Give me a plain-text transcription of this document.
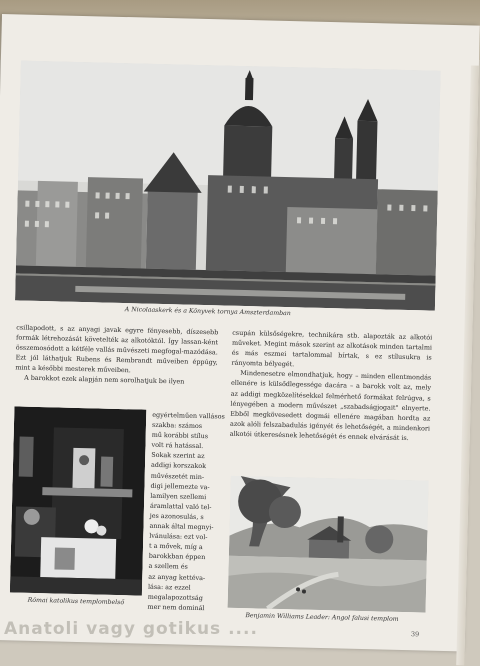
A Nicolaaskerk és a Könyvek tornya Amszterdamban

csillapodott, s az anyagi javak egyre fényesebb, díszesebb formák létrehozását követelték az alkotóktól. Így lassan-ként összemosódott a kétféle vallás művészeti megfogal-mazódása. Ezt jól láthatjuk Rubens és Rembrandt műveiben éppúgy, mint a későbbi mesterek műveiben.

A barokkot ezek alapján nem sorolhatjuk be ilyen

Római katolikus templombelső
egyértelműen vallásos
szakba: számos
mű korábbi stílus
volt rá hatással.
Sokak szerint az
addigi korszakok
művészetét min-
digi jellemezte va-
lamilyen szellemi
áramlattal való tel-
jes azonosulás, s
annak által megnyi-
lvánulása: ezt vol-
t a mővek, míg a
barokkban éppen
a szellem és
az anyag kettéva-
lása: az ezzel
megalapozottság
mer nem dominál

csupán külsőségekre, technikára stb. alapozták az alkotói műveket. Megint mások szerint az alkotások minden tartalmi és más eszmei tartalommal bírtak, s ez stílusukra is rányomta bélyegét.

Mindenesetre elmondhatjuk, hogy – minden ellentmondás ellenére is külsődlegessége dacára – a barokk volt az, mely az addigi megközelítésekkel felmérhető formákat felrúgva, s lényegében a modern művészet „szabadságjogait" elnyerte. Ebből megkövesedett dogmái ellenére magában hordta az azok alóli felszabadulás igényét és lehetőségét, a mindenkori alkotói útkeresésnek lehetőségét és ennek elvárását is.

Benjamin Williams Leader: Angol falusi templom
39
Anatoli vagy gotikus ....
